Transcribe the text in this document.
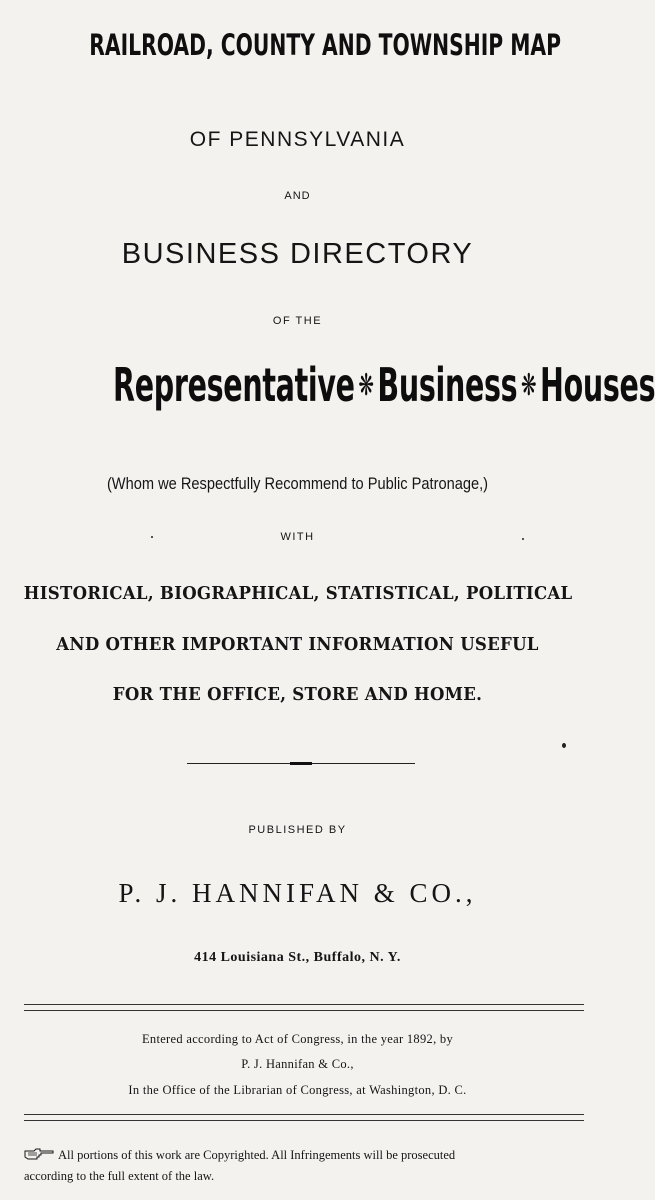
RAILROAD, COUNTY AND TOWNSHIP MAP
OF PENNSYLVANIA
AND
BUSINESS DIRECTORY
OF THE
Representative ❋Business ❋Houses
(Whom we Respectfully Recommend to Public Patronage,)
WITH
HISTORICAL, BIOGRAPHICAL, STATISTICAL, POLITICAL
AND OTHER IMPORTANT INFORMATION USEFUL
FOR THE OFFICE, STORE AND HOME.
PUBLISHED BY
P. J. HANNIFAN & CO.,
414 Louisiana St., Buffalo, N. Y.
Entered according to Act of Congress, in the year 1892, by
P. J. Hannifan & Co.,
In the Office of the Librarian of Congress, at Washington, D. C.
All portions of this work are Copyrighted. All Infringements will be prosecuted
according to the full extent of the law.
